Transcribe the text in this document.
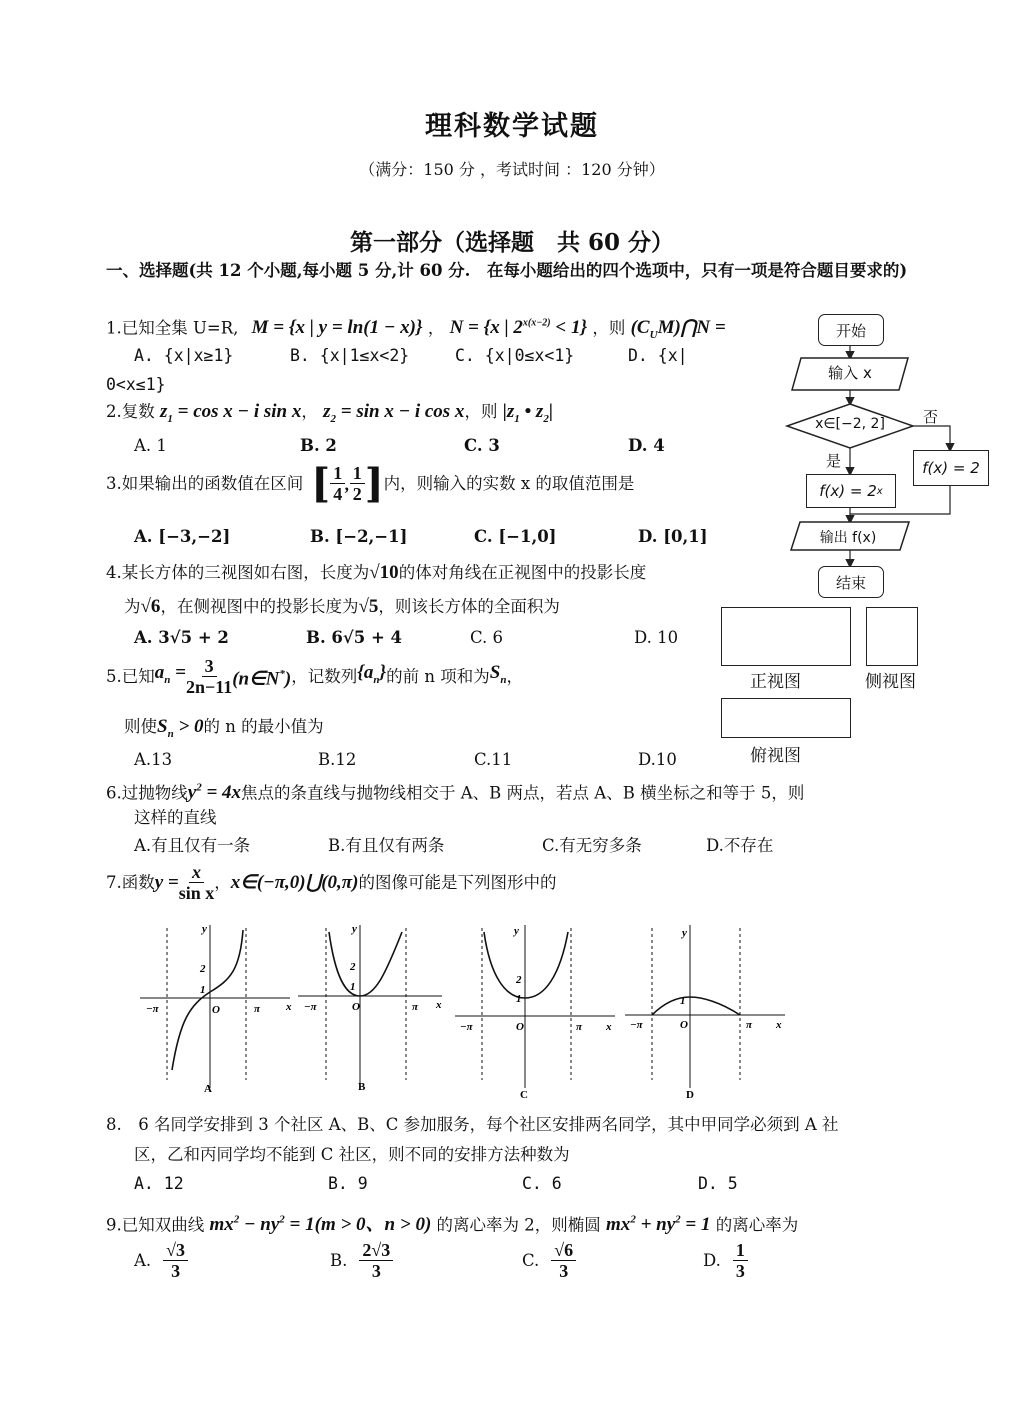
理科数学试题
（满分：150 分 ，考试时间 ：120 分钟）
第一部分（选择题　共 60 分）
一、选择题(共 12 个小题,每小题 5 分,计 60 分.　在每小题给出的四个选项中，只有一项是符合题目要求的)
1.已知全集 U=R, M = {x | y = ln(1 − x)} ， N = {x | $2^{x(x-2)} < 1$} ，则 $(C_UM)⋂N$ =
A. {x|x≥1}	B. {x|1≤x<2}	C. {x|0≤x<1}	D. {x|
0<x≤1}
2.复数 $z_1 = \cos x - i$ sin x， $z_2 = \sin x - i$ cos x，则 $|z_1$ • $z_2|$
A. 1	B. 2	C. 3	D. 4
3.如果输出的函数值在区间 [ $\frac{1}{4}$ , $\frac{1}{2}$ ] 内，则输入的实数 x 的取值范围是
A. [−3,−2]	B. [−2,−1]	C. [−1,0]	D. [0,1]
4.某长方体的三视图如右图，长度为√10的体对角线在正视图中的投影长度
为√6，在侧视图中的投影长度为√5，则该长方体的全面积为
A. 3√5 + 2	B. 6√5 + 4	C. 6	D. 10
5.已知 $a_n = \frac{3}{2n-11}$ (n∈N*) ，记数列 $\{a_n\}$ 的前 n 项和为 $S_n$ ，
则使$S_n > 0$的 n 的最小值为
A.13	B.12	C.11	D.10
6.过抛物线$y^2 = 4x$焦点的条直线与抛物线相交于 A、B 两点，若点 A、B 横坐标之和等于 5，则
这样的直线
A.有且仅有一条	B.有且仅有两条	C.有无穷多条	D.不存在
7.函数 $y = \frac{x}{\text{sin x}}$ ， x∈(−π,0)⋃(0,π) 的图像可能是下列图形中的
y
x
−π	π
O
1
2
A
y
x
−π	π
O
1
2
B
y
x
−π	π
O
1
2
C
y
x
−π	π
O
1
D
8.　6 名同学安排到 3 个社区 A、B、C 参加服务，每个社区安排两名同学，其中甲同学必须到 A 社
区，乙和丙同学均不能到 C 社区，则不同的安排方法种数为
A. 12	B. 9	C. 6	D. 5
9.已知双曲线 $mx^2 - ny^2 = 1(m > 0$、n > 0) 的离心率为 2，则椭圆 $mx^2 + ny^2 = 1$ 的离心率为
A. $\frac{√3}{3}$	B. $\frac{2√3}{3}$	C. $\frac{√6}{3}$	D. $\frac{1}{3}$
开始
输入 x
x∈[−2, 2]	否
是	f(x) = 2
f(x) = 2 x
输出 f(x)
结束
正视图	侧视图
俯视图
